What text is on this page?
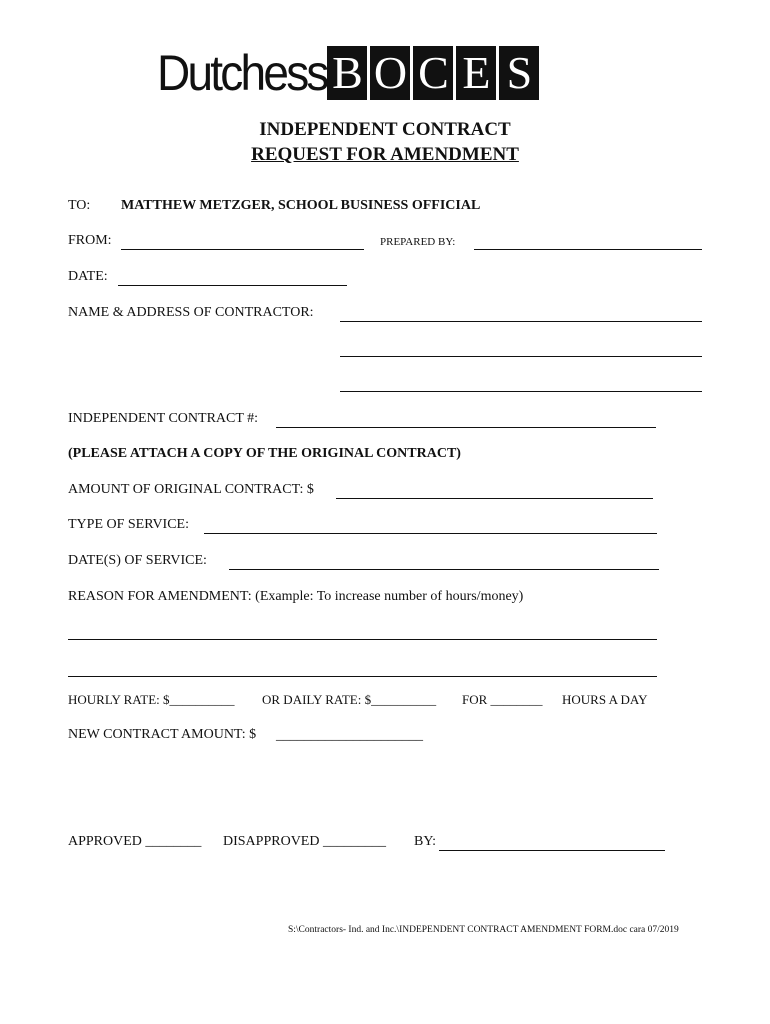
Dutchess B O C E S
INDEPENDENT CONTRACT
REQUEST FOR AMENDMENT
TO: MATTHEW METZGER, SCHOOL BUSINESS OFFICIAL
FROM:	PREPARED BY:
DATE:
NAME & ADDRESS OF CONTRACTOR:
INDEPENDENT CONTRACT #:
(PLEASE ATTACH A COPY OF THE ORIGINAL CONTRACT)
AMOUNT OF ORIGINAL CONTRACT: $
TYPE OF SERVICE:
DATE(S) OF SERVICE:
REASON FOR AMENDMENT: (Example: To increase number of hours/money)
HOURLY RATE: $__________ OR DAILY RATE: $__________ FOR ________ HOURS A DAY
NEW CONTRACT AMOUNT: $ _____________________
APPROVED ________ DISAPPROVED _________ BY:
S:\Contractors- Ind. and Inc.\INDEPENDENT CONTRACT AMENDMENT FORM.doc cara 07/2019
